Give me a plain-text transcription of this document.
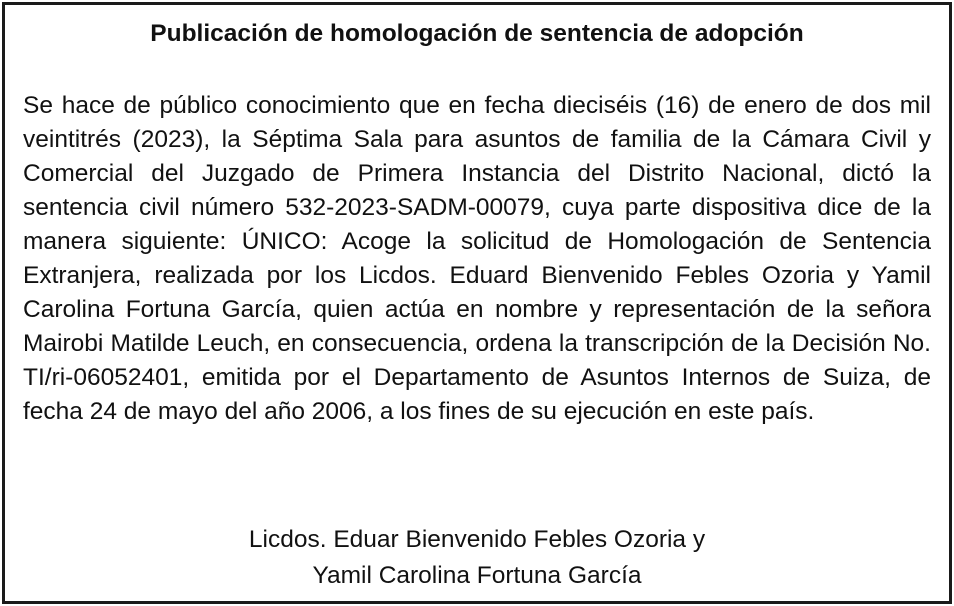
Publicación de homologación de sentencia de adopción

Se hace de público conocimiento que en fecha dieciséis (16) de enero de dos mil veintitrés (2023), la Séptima Sala para asuntos de familia de la Cámara Civil y Comercial del Juzgado de Primera Instancia del Distrito Nacional, dictó la sentencia civil número 532-2023-SADM-00079, cuya parte dispositiva dice de la manera siguiente: ÚNICO: Acoge la solicitud de Homologación de Sentencia Extranjera, realizada por los Licdos. Eduard Bienvenido Febles Ozoria y Yamil Carolina Fortuna García, quien actúa en nombre y representación de la señora Mairobi Matilde Leuch, en consecuencia, ordena la transcripción de la Decisión No. TI/ri-06052401, emitida por el Departamento de Asuntos Internos de Suiza, de fecha 24 de mayo del año 2006, a los fines de su ejecución en este país.

Licdos. Eduar Bienvenido Febles Ozoria y
Yamil Carolina Fortuna García
